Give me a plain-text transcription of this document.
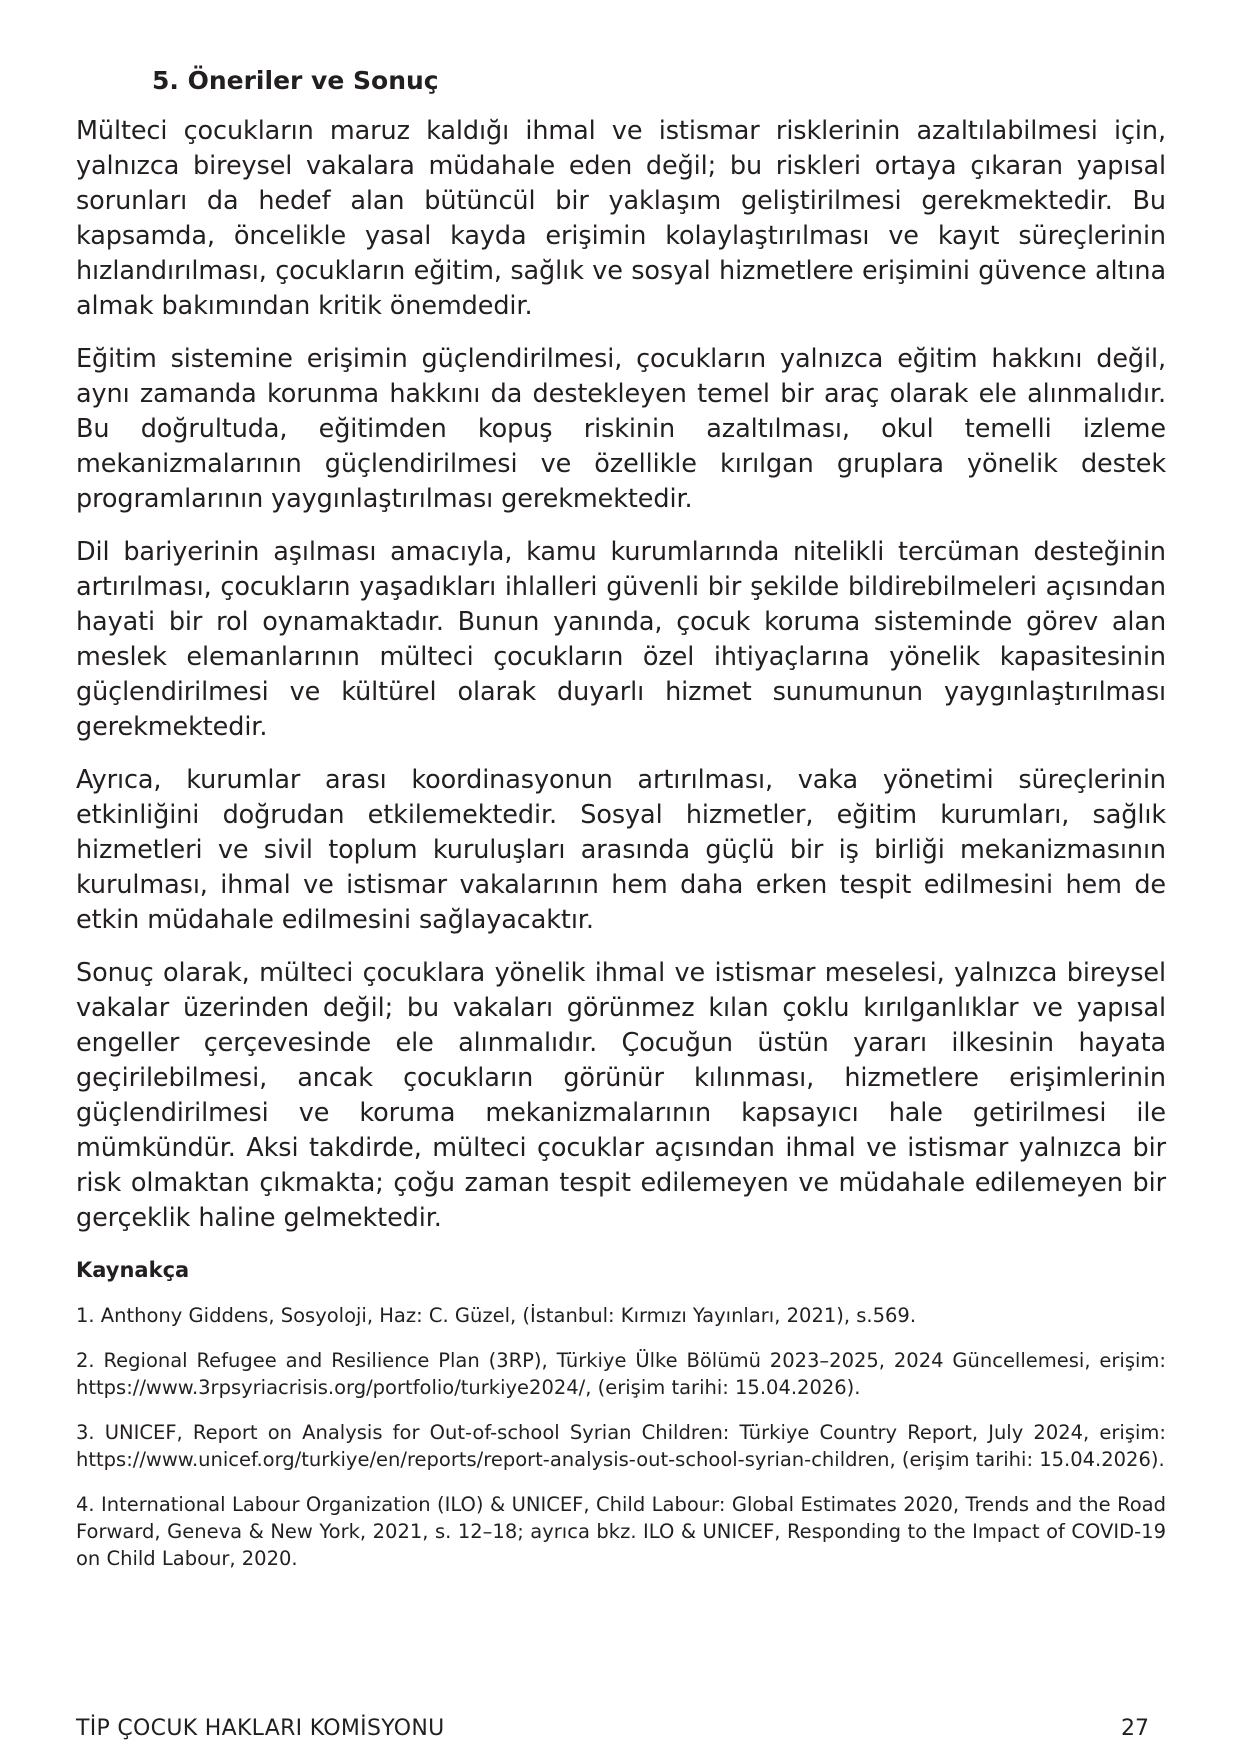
5. Öneriler ve Sonuç

Mülteci çocukların maruz kaldığı ihmal ve istismar risklerinin azaltılabilmesi için, yalnızca bireysel vakalara müdahale eden değil; bu riskleri ortaya çıkaran yapısal sorunları da hedef alan bütüncül bir yaklaşım geliştirilmesi gerekmektedir. Bu kapsamda, öncelikle yasal kayda erişimin kolaylaştırılması ve kayıt süreçlerinin hızlandırılması, çocukların eğitim, sağlık ve sosyal hizmetlere erişimini güvence altına almak bakımından kritik önemdedir.

Eğitim sistemine erişimin güçlendirilmesi, çocukların yalnızca eğitim hakkını değil, aynı zamanda korunma hakkını da destekleyen temel bir araç olarak ele alınmalıdır. Bu doğrultuda, eğitimden kopuş riskinin azaltılması, okul temelli izleme mekanizmalarının güçlendirilmesi ve özellikle kırılgan gruplara yönelik destek programlarının yaygınlaştırılması gerekmektedir.

Dil bariyerinin aşılması amacıyla, kamu kurumlarında nitelikli tercüman desteğinin artırılması, çocukların yaşadıkları ihlalleri güvenli bir şekilde bildirebilmeleri açısından hayati bir rol oynamaktadır. Bunun yanında, çocuk koruma sisteminde görev alan meslek elemanlarının mülteci çocukların özel ihtiyaçlarına yönelik kapasitesinin güçlendirilmesi ve kültürel olarak duyarlı hizmet sunumunun yaygınlaştırılması gerekmektedir.

Ayrıca, kurumlar arası koordinasyonun artırılması, vaka yönetimi süreçlerinin etkinliğini doğrudan etkilemektedir. Sosyal hizmetler, eğitim kurumları, sağlık hizmetleri ve sivil toplum kuruluşları arasında güçlü bir iş birliği mekanizmasının kurulması, ihmal ve istismar vakalarının hem daha erken tespit edilmesini hem de etkin müdahale edilmesini sağlayacaktır.

Sonuç olarak, mülteci çocuklara yönelik ihmal ve istismar meselesi, yalnızca bireysel vakalar üzerinden değil; bu vakaları görünmez kılan çoklu kırılganlıklar ve yapısal engeller çerçevesinde ele alınmalıdır. Çocuğun üstün yararı ilkesinin hayata geçirilebilmesi, ancak çocukların görünür kılınması, hizmetlere erişimlerinin güçlendirilmesi ve koruma mekanizmalarının kapsayıcı hale getirilmesi ile mümkündür. Aksi takdirde, mülteci çocuklar açısından ihmal ve istismar yalnızca bir risk olmaktan çıkmakta; çoğu zaman tespit edilemeyen ve müdahale edilemeyen bir gerçeklik haline gelmektedir.

Kaynakça

1. Anthony Giddens, Sosyoloji, Haz: C. Güzel, (İstanbul: Kırmızı Yayınları, 2021), s.569.

2. Regional Refugee and Resilience Plan (3RP), Türkiye Ülke Bölümü 2023–2025, 2024 Güncellemesi, erişim: https://www.3rpsyriacrisis.org/portfolio/turkiye2024/, (erişim tarihi: 15.04.2026).

3. UNICEF, Report on Analysis for Out-of-school Syrian Children: Türkiye Country Report, July 2024, erişim: https://www.unicef.org/turkiye/en/reports/report-analysis-out-school-syrian-children, (erişim tarihi: 15.04.2026).

4. International Labour Organization (ILO) & UNICEF, Child Labour: Global Estimates 2020, Trends and the Road Forward, Geneva & New York, 2021, s. 12–18; ayrıca bkz. ILO & UNICEF, Responding to the Impact of COVID-19 on Child Labour, 2020.

TİP ÇOCUK HAKLARI KOMİSYONU	27
